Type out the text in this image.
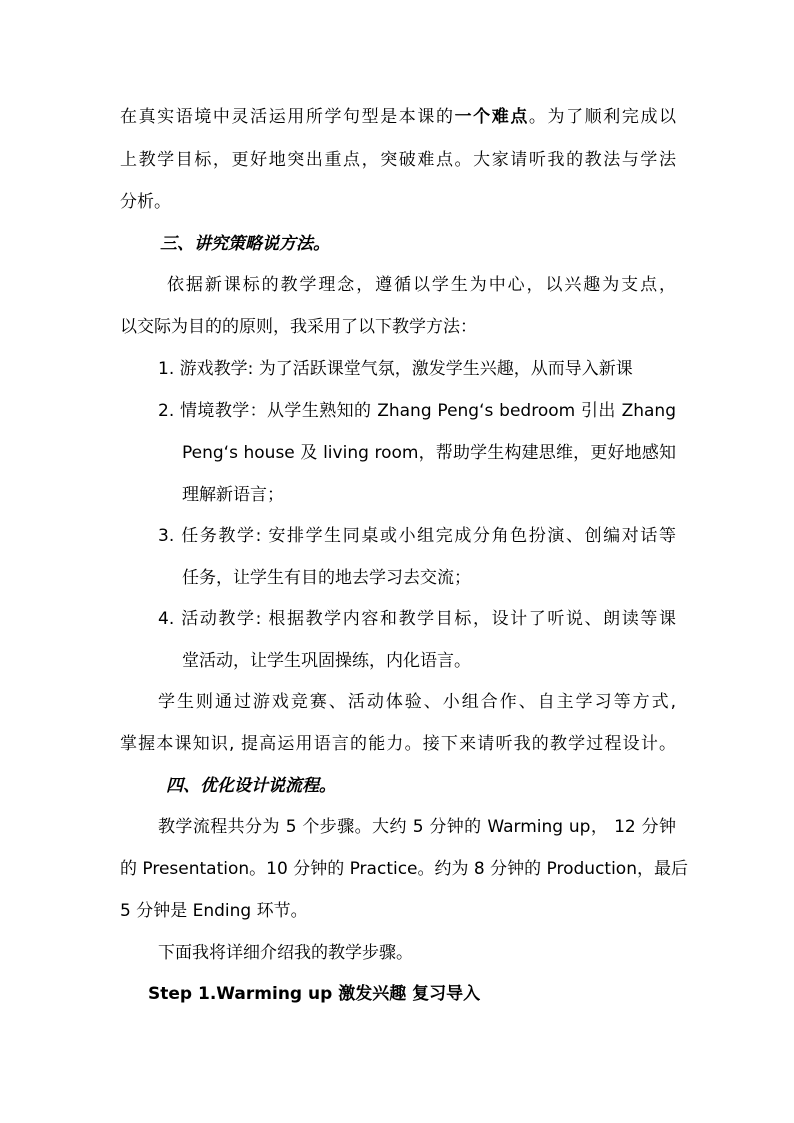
在真实语境中灵活运用所学句型是本课的一个难点。为了顺利完成以
上教学目标，更好地突出重点，突破难点。大家请听我的教法与学法
分析。
三、讲究策略说方法。
依据新课标的教学理念，遵循以学生为中心，以兴趣为支点，
以交际为目的的原则，我采用了以下教学方法：
1. 游戏教学: 为了活跃课堂气氛，激发学生兴趣，从而导入新课
2. 情境教学：从学生熟知的 Zhang Peng‘s bedroom 引出 Zhang
Peng‘s house 及 living room，帮助学生构建思维，更好地感知
理解新语言；
3. 任务教学: 安排学生同桌或小组完成分角色扮演、创编对话等
任务，让学生有目的地去学习去交流；
4. 活动教学: 根据教学内容和教学目标，设计了听说、朗读等课
堂活动，让学生巩固操练，内化语言。
学生则通过游戏竞赛、活动体验、小组合作、自主学习等方式,
掌握本课知识, 提高运用语言的能力。接下来请听我的教学过程设计。
四、优化设计说流程。
教学流程共分为 5 个步骤。大约 5 分钟的 Warming up， 12 分钟
的 Presentation。10 分钟的 Practice。约为 8 分钟的 Production，最后
5 分钟是 Ending 环节。
下面我将详细介绍我的教学步骤。
Step 1.Warming up 激发兴趣 复习导入
